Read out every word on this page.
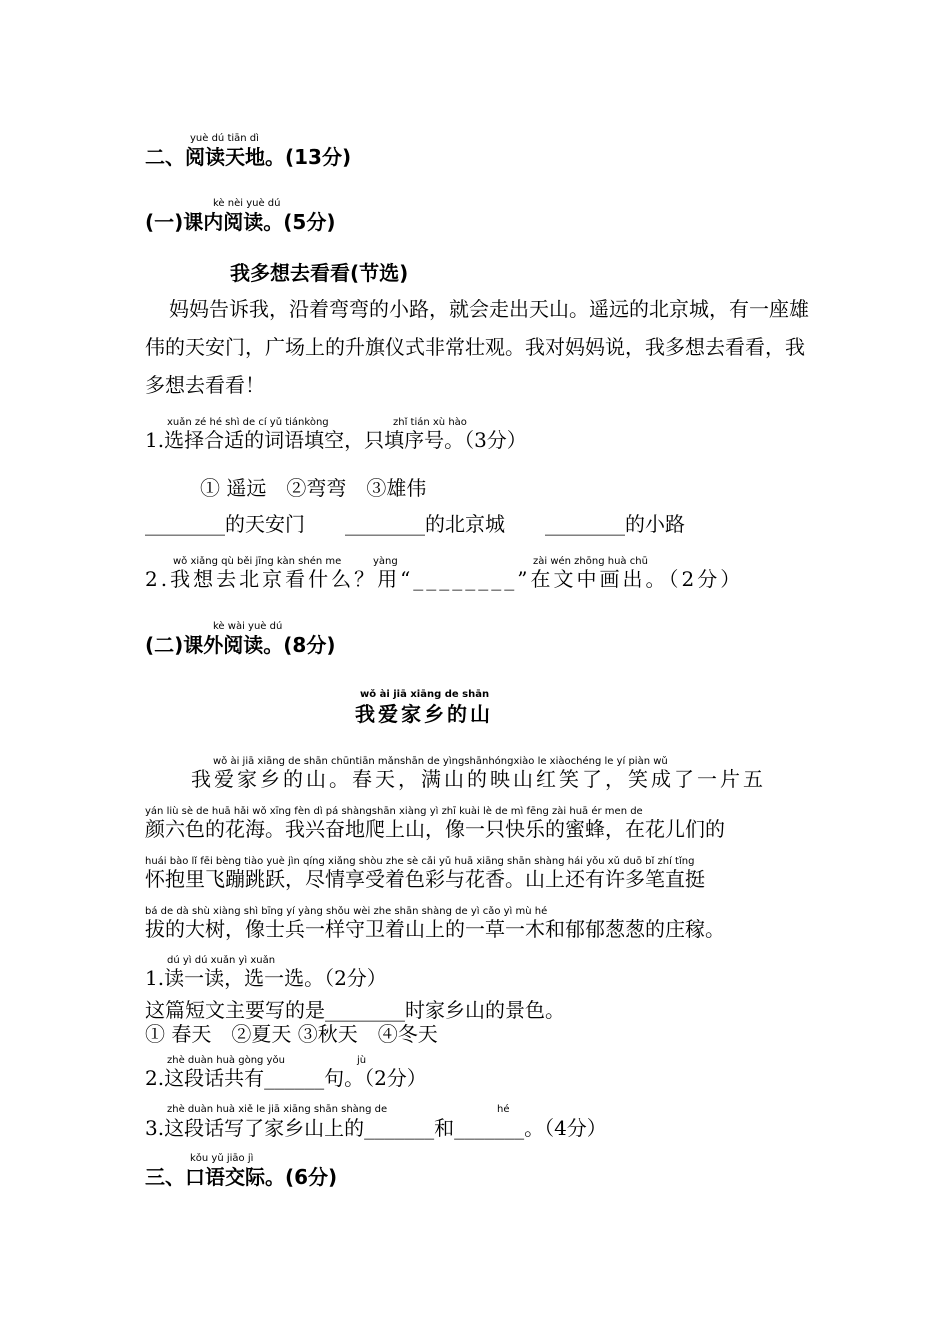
yuè dú tiān dì
二、阅读天地。(13分)
kè nèi yuè dú
(一)课内阅读。(5分)
我多想去看看(节选)
妈妈告诉我，沿着弯弯的小路，就会走出天山。遥远的北京城，有一座雄伟的天安门，广场上的升旗仪式非常壮观。我对妈妈说，我多想去看看，我多想去看看！
xuǎn zé hé shì de cí yǔ tiánkòng	zhǐ tián xù hào
1.选择合适的词语填空，只填序号。（3分）
① 遥远　②弯弯　③雄伟
________的天安门　　________的北京城　　________的小路
wǒ xiǎng qù běi jīng kàn shén me	yàng	zài wén zhōng huà chū
2.我想去北京看什么？用“________”在文中画出。（2分）
kè wài yuè dú
(二)课外阅读。(8分)
wǒ ài jiā xiāng de shān
我爱家乡的山
wǒ ài jiā xiāng de shān chūntiān mǎnshān de yìngshānhóngxiào le xiàochéng le yí piàn wǔ
　　我爱家乡的山。春天，满山的映山红笑了，笑成了一片五
yán liù sè de huā hǎi wǒ xīng fèn dì pá shàngshān xiàng yì zhī kuài lè de mì fēng zài huā ér men de
颜六色的花海。我兴奋地爬上山，像一只快乐的蜜蜂，在花儿们的
huái bào lǐ fēi bèng tiào yuè jìn qíng xiǎng shòu zhe sè cǎi yǔ huā xiāng shān shàng hái yǒu xǔ duō bǐ zhí tǐng
怀抱里飞蹦跳跃，尽情享受着色彩与花香。山上还有许多笔直挺
bá de dà shù xiàng shì bīng yí yàng shǒu wèi zhe shān shàng de yì cǎo yì mù hé
拔的大树，像士兵一样守卫着山上的一草一木和郁郁葱葱的庄稼。
dú yì dú xuǎn yì xuǎn
1.读一读，选一选。（2分）
这篇短文主要写的是________时家乡山的景色。
① 春天　②夏天 ③秋天　④冬天
zhè duàn huà gòng yǒu	jù
2.这段话共有______句。（2分）
zhè duàn huà xiě le jiā xiāng shān shàng de	hé
3.这段话写了家乡山上的_______和_______。（4分）
kǒu yǔ jiāo jì
三、口语交际。(6分)
